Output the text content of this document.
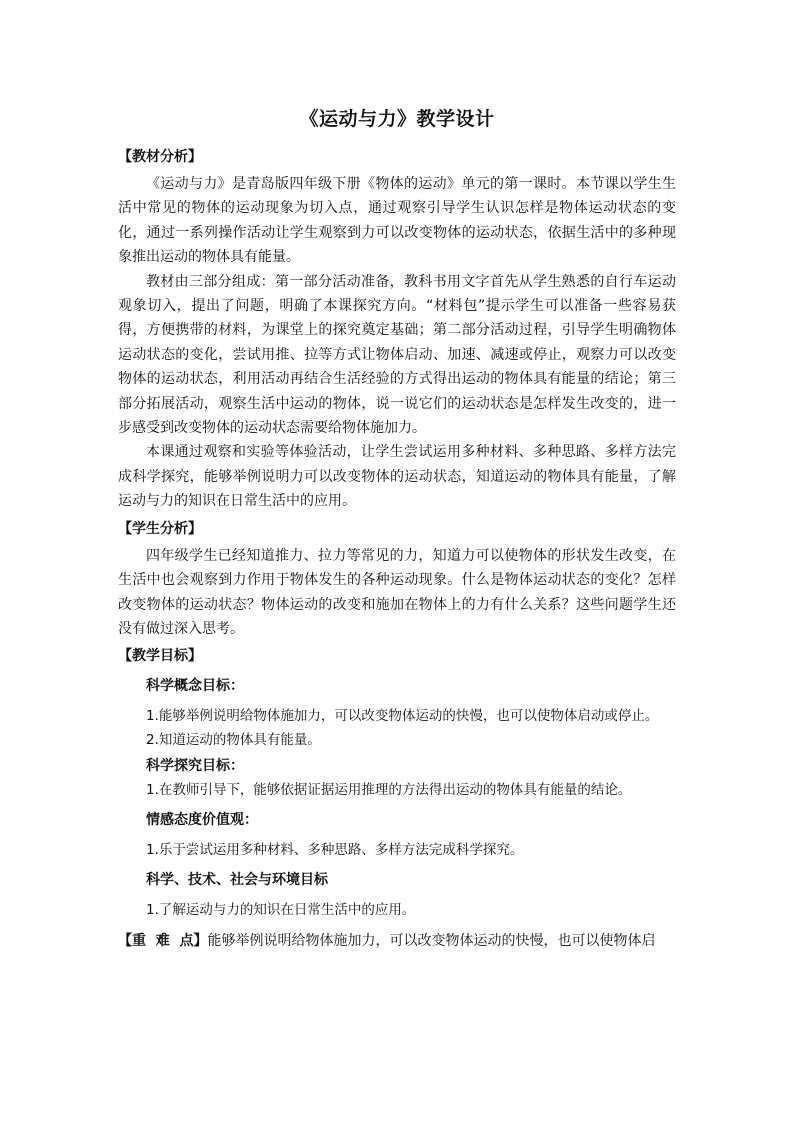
《运动与力》教学设计
【教材分析】

《运动与力》是青岛版四年级下册《物体的运动》单元的第一课时。本节课以学生生活中常见的物体的运动现象为切入点，通过观察引导学生认识怎样是物体运动状态的变化，通过一系列操作活动让学生观察到力可以改变物体的运动状态，依据生活中的多种现象推出运动的物体具有能量。

教材由三部分组成：第一部分活动准备，教科书用文字首先从学生熟悉的自行车运动观象切入，提出了问题，明确了本课探究方向。“材料包”提示学生可以准备一些容易获得，方便携带的材料，为课堂上的探究奠定基础；第二部分活动过程，引导学生明确物体运动状态的变化，尝试用推、拉等方式让物体启动、加速、减速或停止，观察力可以改变物体的运动状态，利用活动再结合生活经验的方式得出运动的物体具有能量的结论；第三部分拓展活动，观察生活中运动的物体，说一说它们的运动状态是怎样发生改变的，进一步感受到改变物体的运动状态需要给物体施加力。

本课通过观察和实验等体验活动，让学生尝试运用多种材料、多种思路、多样方法完成科学探究，能够举例说明力可以改变物体的运动状态，知道运动的物体具有能量，了解运动与力的知识在日常生活中的应用。

【学生分析】

四年级学生已经知道推力、拉力等常见的力，知道力可以使物体的形状发生改变，在生活中也会观察到力作用于物体发生的各种运动现象。什么是物体运动状态的变化？怎样改变物体的运动状态？物体运动的改变和施加在物体上的力有什么关系？这些问题学生还没有做过深入思考。

【教学目标】
科学概念目标：
1.能够举例说明给物体施加力，可以改变物体运动的快慢，也可以使物体启动或停止。
2.知道运动的物体具有能量。
科学探究目标：
1.在教师引导下，能够依据证据运用推理的方法得出运动的物体具有能量的结论。
情感态度价值观：
1.乐于尝试运用多种材料、多种思路、多样方法完成科学探究。
科学、技术、社会与环境目标
1.了解运动与力的知识在日常生活中的应用。
【重  难  点】能够举例说明给物体施加力，可以改变物体运动的快慢，也可以使物体启
